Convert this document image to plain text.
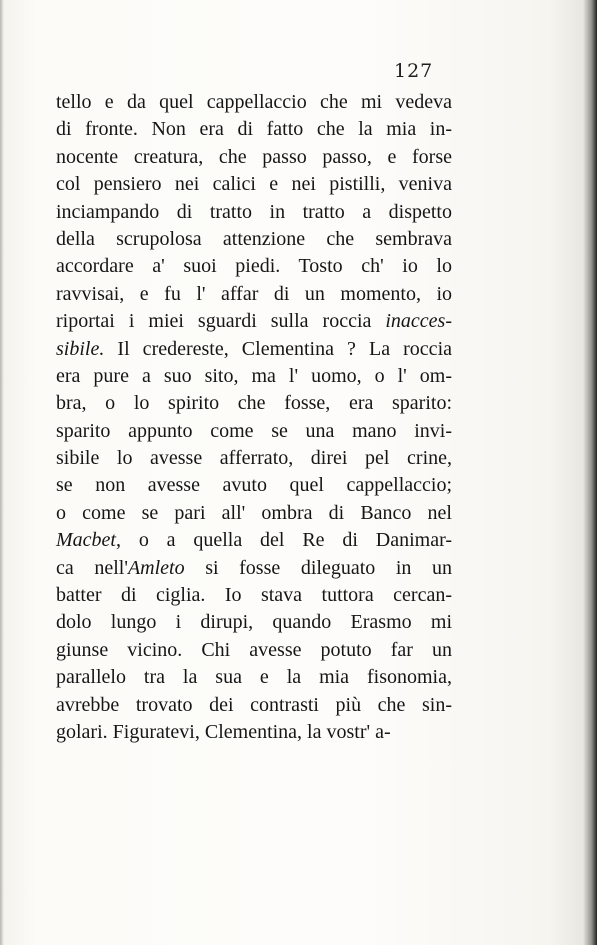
127
tello e da quel cappellaccio che mi vedeva
di fronte. Non era di fatto che la mia in-
nocente creatura, che passo passo, e forse
col pensiero nei calici e nei pistilli, veniva
inciampando di tratto in tratto a dispetto
della scrupolosa attenzione che sembrava
accordare a' suoi piedi. Tosto ch' io lo
ravvisai, e fu l' affar di un momento, io
riportai i miei sguardi sulla roccia inacces-
sibile. Il credereste, Clementina ? La roccia
era pure a suo sito, ma l' uomo, o l' om-
bra, o lo spirito che fosse, era sparito:
sparito appunto come se una mano invi-
sibile lo avesse afferrato, direi pel crine,
se non avesse avuto quel cappellaccio;
o come se pari all' ombra di Banco nel
Macbet, o a quella del Re di Danimar-
ca nell'Amleto si fosse dileguato in un
batter di ciglia. Io stava tuttora cercan-
dolo lungo i dirupi, quando Erasmo mi
giunse vicino. Chi avesse potuto far un
parallelo tra la sua e la mia fisonomia,
avrebbe trovato dei contrasti più che sin-
golari. Figuratevi, Clementina, la vostr' a-
